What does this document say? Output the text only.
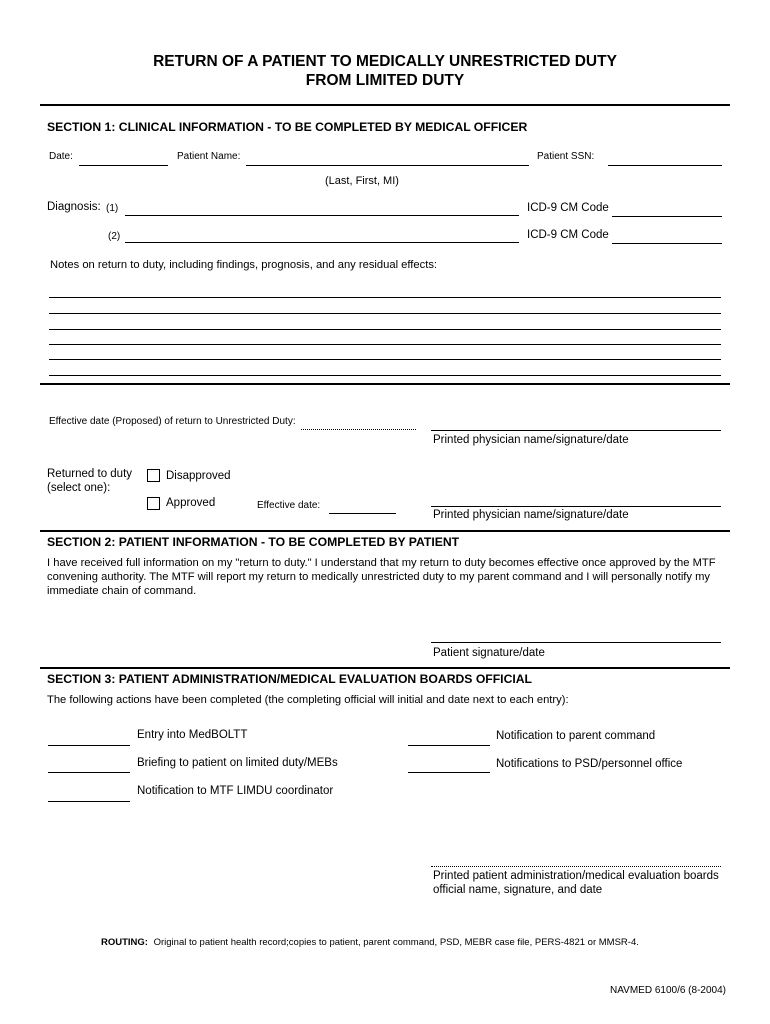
RETURN OF A PATIENT TO MEDICALLY UNRESTRICTED DUTY
FROM LIMITED DUTY
SECTION 1: CLINICAL INFORMATION - TO BE COMPLETED BY MEDICAL OFFICER
Date:	Patient Name:	Patient SSN:
(Last, First, MI)
Diagnosis: (1)	ICD-9 CM Code
(2)	ICD-9 CM Code
Notes on return to duty, including findings, prognosis, and any residual effects:
Effective date (Proposed) of return to Unrestricted Duty:
Printed physician name/signature/date
Returned to duty
(select one):
Disapproved
Approved	Effective date:
Printed physician name/signature/date
SECTION 2: PATIENT INFORMATION - TO BE COMPLETED BY PATIENT
I have received full information on my "return to duty." I understand that my return to duty becomes effective once approved by the MTF convening authority. The MTF will report my return to medically unrestricted duty to my parent command and I will personally notify my immediate chain of command.
Patient signature/date
SECTION 3: PATIENT ADMINISTRATION/MEDICAL EVALUATION BOARDS OFFICIAL
The following actions have been completed (the completing official will initial and date next to each entry):
Entry into MedBOLTT	Notification to parent command
Briefing to patient on limited duty/MEBs	Notifications to PSD/personnel office
Notification to MTF LIMDU coordinator
Printed patient administration/medical evaluation boards
official name, signature, and date
ROUTING: Original to patient health record;copies to patient, parent command, PSD, MEBR case file, PERS-4821 or MMSR-4.
NAVMED 6100/6 (8-2004)
